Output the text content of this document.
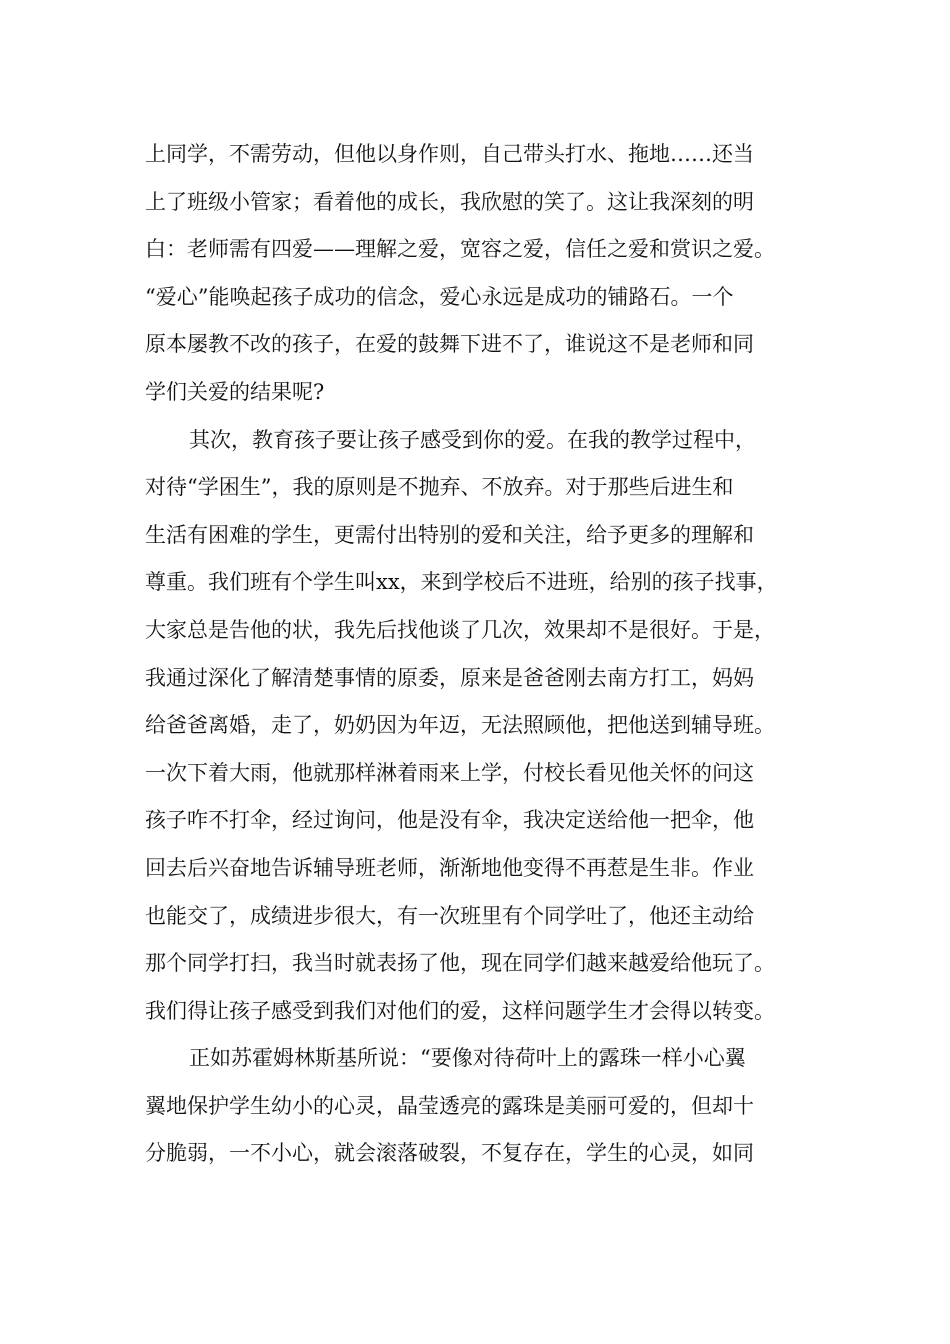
上同学，不需劳动，但他以身作则，自己带头打水、拖地……还当
上了班级小管家；看着他的成长，我欣慰的笑了。这让我深刻的明
白：老师需有四爱——理解之爱，宽容之爱，信任之爱和赏识之爱。
“爱心”能唤起孩子成功的信念，爱心永远是成功的铺路石。一个
原本屡教不改的孩子，在爱的鼓舞下进不了，谁说这不是老师和同
学们关爱的结果呢?
其次，教育孩子要让孩子感受到你的爱。在我的教学过程中，
对待“学困生”，我的原则是不抛弃、不放弃。对于那些后进生和
生活有困难的学生，更需付出特别的爱和关注，给予更多的理解和
尊重。我们班有个学生叫xx，来到学校后不进班，给别的孩子找事，
大家总是告他的状，我先后找他谈了几次，效果却不是很好。于是，
我通过深化了解清楚事情的原委，原来是爸爸刚去南方打工，妈妈
给爸爸离婚，走了，奶奶因为年迈，无法照顾他，把他送到辅导班。
一次下着大雨，他就那样淋着雨来上学，付校长看见他关怀的问这
孩子咋不打伞，经过询问，他是没有伞，我决定送给他一把伞，他
回去后兴奋地告诉辅导班老师，渐渐地他变得不再惹是生非。作业
也能交了，成绩进步很大，有一次班里有个同学吐了，他还主动给
那个同学打扫，我当时就表扬了他，现在同学们越来越爱给他玩了。
我们得让孩子感受到我们对他们的爱，这样问题学生才会得以转变。
正如苏霍姆林斯基所说：“要像对待荷叶上的露珠一样小心翼
翼地保护学生幼小的心灵，晶莹透亮的露珠是美丽可爱的，但却十
分脆弱，一不小心，就会滚落破裂，不复存在，学生的心灵，如同
